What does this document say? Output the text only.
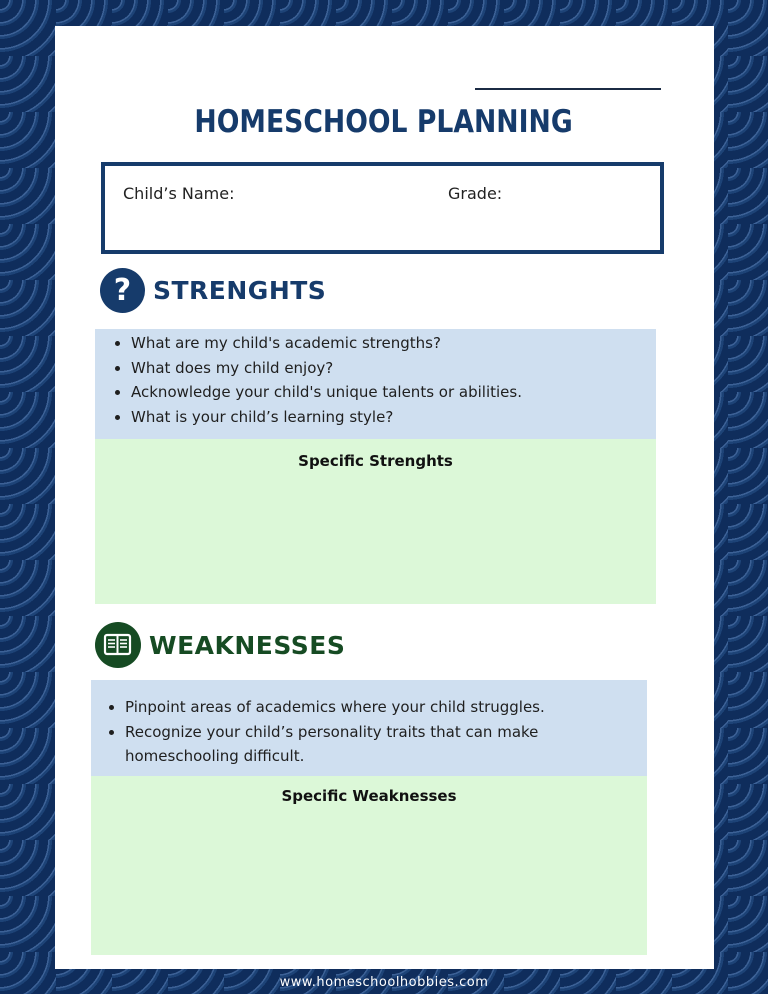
HOMESCHOOL PLANNING
Child’s Name:	Grade:
? STRENGHTS
• What are my child's academic strengths?
• What does my child enjoy?
• Acknowledge your child's unique talents or abilities.
• What is your child’s learning style?
Specific Strenghts
WEAKNESSES
• Pinpoint areas of academics where your child struggles.
• Recognize your child’s personality traits that can make homeschooling difficult.
Specific Weaknesses
www.homeschoolhobbies.com
